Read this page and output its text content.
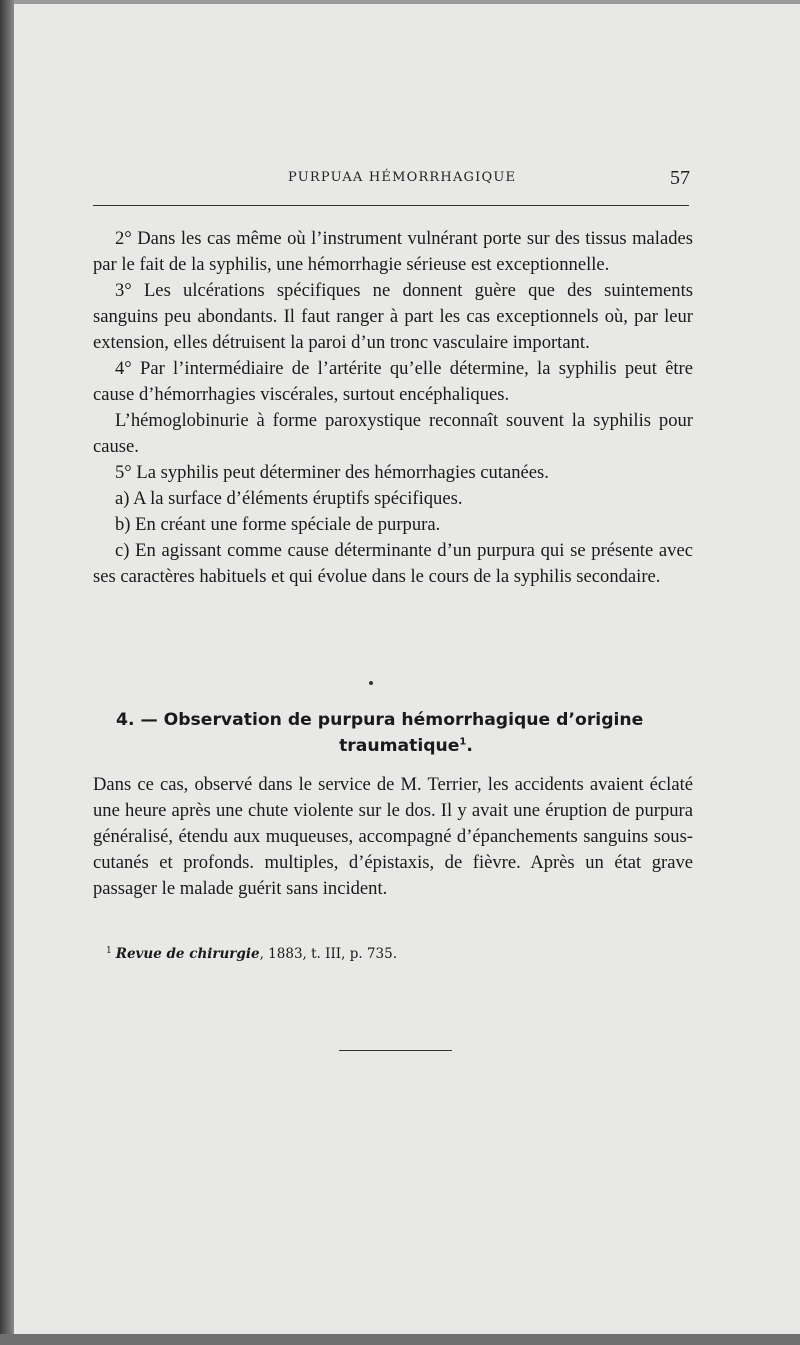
PURPUAA HÉMORRHAGIQUE	57

2° Dans les cas même où l’instrument vulnérant porte sur des tissus malades par le fait de la syphilis, une hémorrhagie sérieuse est exceptionnelle.

3° Les ulcérations spécifiques ne donnent guère que des suintements sanguins peu abondants. Il faut ranger à part les cas exceptionnels où, par leur extension, elles détruisent la paroi d’un tronc vasculaire important.

4° Par l’intermédiaire de l’artérite qu’elle détermine, la syphilis peut être cause d’hémorrhagies viscérales, surtout encéphaliques.

L’hémoglobinurie à forme paroxystique reconnaît souvent la syphilis pour cause.

5° La syphilis peut déterminer des hémorrhagies cutanées.

a) A la surface d’éléments éruptifs spécifiques.

b) En créant une forme spéciale de purpura.

c) En agissant comme cause déterminante d’un purpura qui se présente avec ses caractères habituels et qui évolue dans le cours de la syphilis secondaire.

4. — Observation de purpura hémorrhagique d’origine
traumatique$^1$.

Dans ce cas, observé dans le service de M. Terrier, les accidents avaient éclaté une heure après une chute violente sur le dos. Il y avait une éruption de purpura généralisé, étendu aux muqueuses, accompagné d’épanchements sanguins sous-cutanés et profonds. multiples, d’épistaxis, de fièvre. Après un état grave passager le malade guérit sans incident.

$^1$ Revue de chirurgie, 1883, t. III, p. 735.
